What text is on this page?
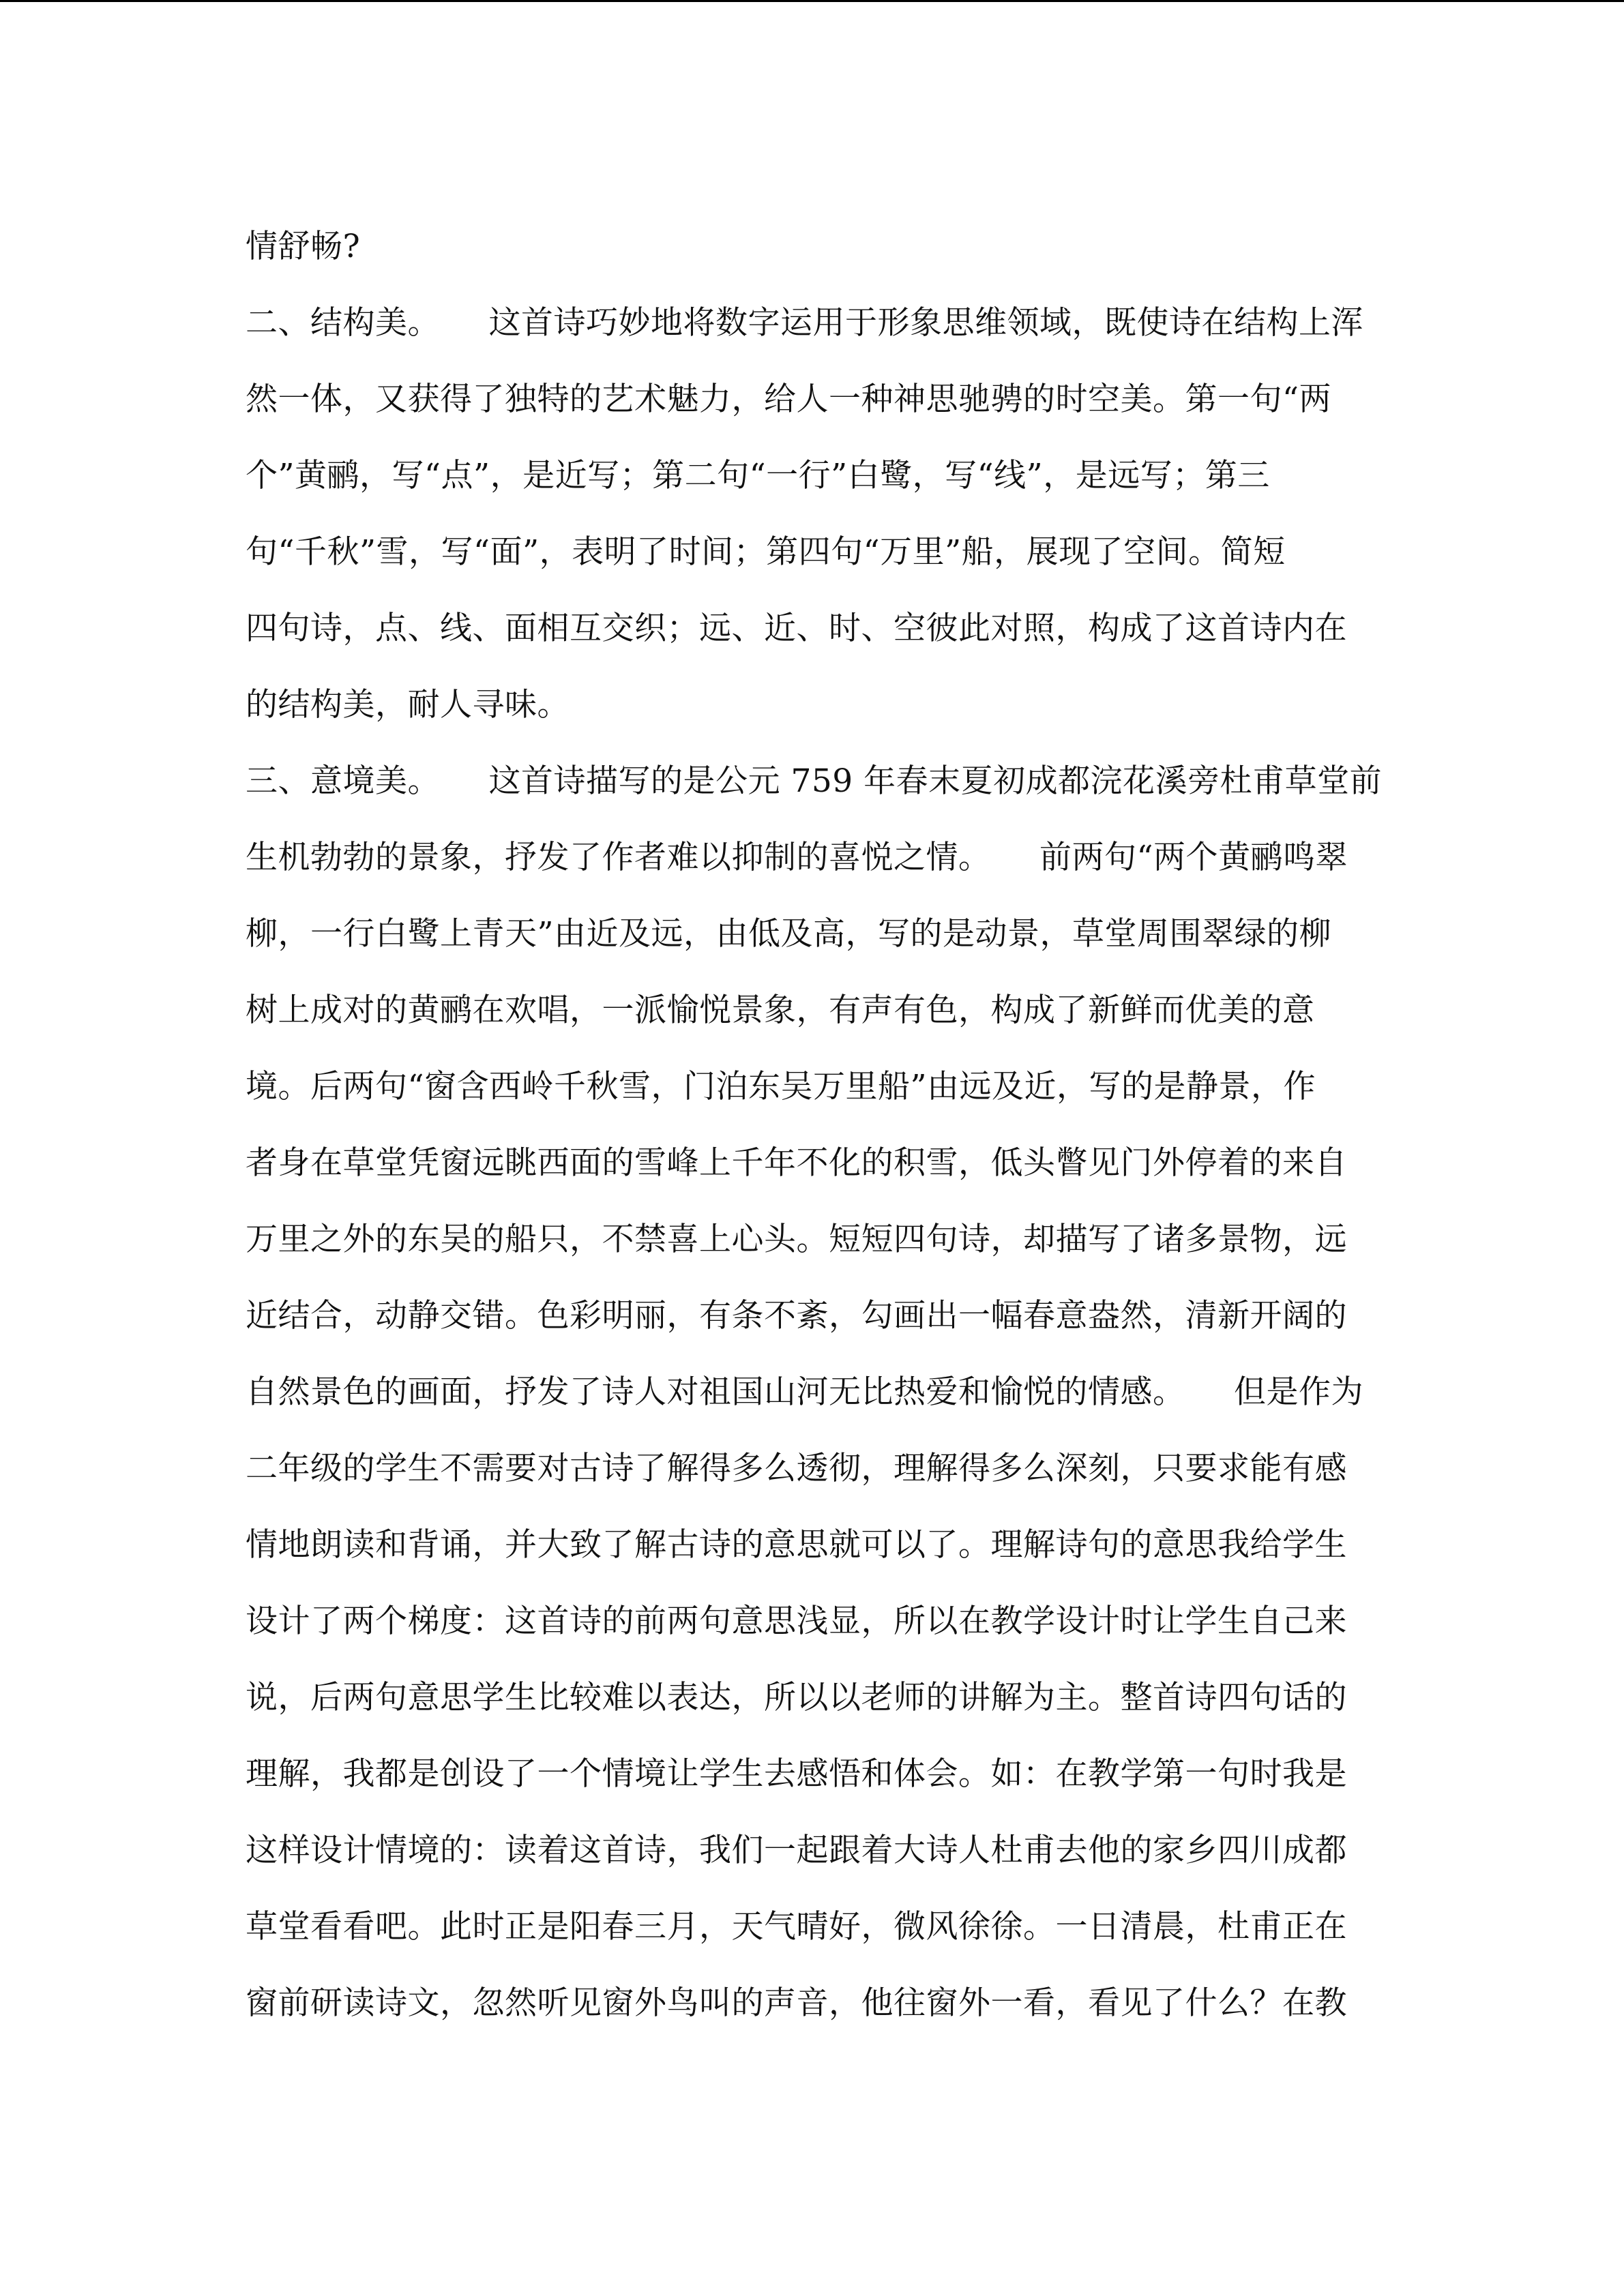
情舒畅?
二、结构美。　　这首诗巧妙地将数字运用于形象思维领域，既使诗在结构上浑
然一体，又获得了独特的艺术魅力，给人一种神思驰骋的时空美。第一句“两
个”黄鹂，写“点”，是近写；第二句“一行”白鹭，写“线”，是远写；第三
句“千秋”雪，写“面”，表明了时间；第四句“万里”船，展现了空间。简短
四句诗，点、线、面相互交织；远、近、时、空彼此对照，构成了这首诗内在
的结构美，耐人寻味。
三、意境美。　　这首诗描写的是公元 759 年春末夏初成都浣花溪旁杜甫草堂前
生机勃勃的景象，抒发了作者难以抑制的喜悦之情。　　前两句“两个黄鹂鸣翠
柳，一行白鹭上青天”由近及远，由低及高，写的是动景，草堂周围翠绿的柳
树上成对的黄鹂在欢唱，一派愉悦景象，有声有色，构成了新鲜而优美的意
境。后两句“窗含西岭千秋雪，门泊东吴万里船”由远及近，写的是静景，作
者身在草堂凭窗远眺西面的雪峰上千年不化的积雪，低头瞥见门外停着的来自
万里之外的东吴的船只，不禁喜上心头。短短四句诗，却描写了诸多景物，远
近结合，动静交错。色彩明丽，有条不紊，勾画出一幅春意盎然，清新开阔的
自然景色的画面，抒发了诗人对祖国山河无比热爱和愉悦的情感。　　但是作为
二年级的学生不需要对古诗了解得多么透彻，理解得多么深刻，只要求能有感
情地朗读和背诵，并大致了解古诗的意思就可以了。理解诗句的意思我给学生
设计了两个梯度：这首诗的前两句意思浅显，所以在教学设计时让学生自己来
说，后两句意思学生比较难以表达，所以以老师的讲解为主。整首诗四句话的
理解，我都是创设了一个情境让学生去感悟和体会。如：在教学第一句时我是
这样设计情境的：读着这首诗，我们一起跟着大诗人杜甫去他的家乡四川成都
草堂看看吧。此时正是阳春三月，天气晴好，微风徐徐。一日清晨，杜甫正在
窗前研读诗文，忽然听见窗外鸟叫的声音，他往窗外一看，看见了什么？在教
